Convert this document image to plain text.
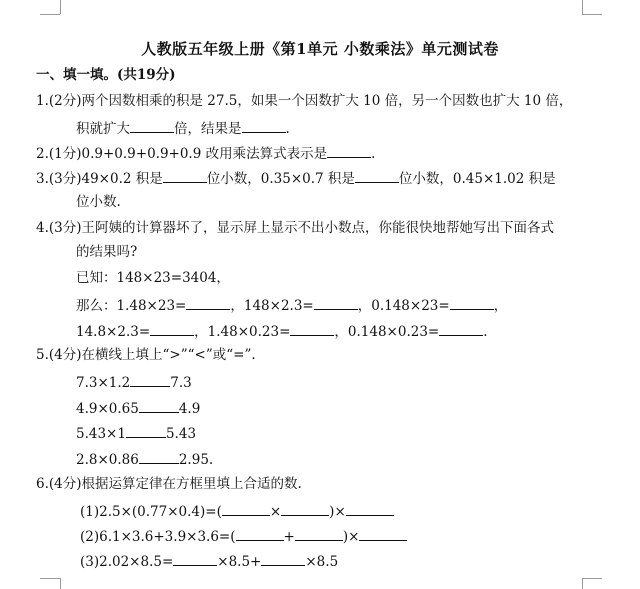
人教版五年级上册《第1单元 小数乘法》单元测试卷
一、填一填。(共19分)
1.(2分)两个因数相乘的积是 27.5，如果一个因数扩大 10 倍，另一个因数也扩大 10 倍，
积就扩大	倍，结果是	.
2.(1分)0.9+0.9+0.9+0.9 改用乘法算式表示是	.
3.(3分)49×0.2 积是	位小数，0.35×0.7 积是	位小数，0.45×1.02 积是
位小数.
4.(3分)王阿姨的计算器坏了，显示屏上显示不出小数点，你能很快地帮她写出下面各式
的结果吗?
已知：148×23=3404，
那么：1.48×23=	，148×2.3=	，0.148×23=	，
14.8×2.3=	，1.48×0.23=	，0.148×0.23=	.
5.(4分)在横线上填上“>”“<”或“=”.
7.3×1.2	7.3
4.9×0.65	4.9
5.43×1	5.43
2.8×0.86	2.95.
6.(4分)根据运算定律在方框里填上合适的数.
(1)2.5×(0.77×0.4)=(	×	)×
(2)6.1×3.6+3.9×3.6=(	+	)×
(3)2.02×8.5=	×8.5+	×8.5
